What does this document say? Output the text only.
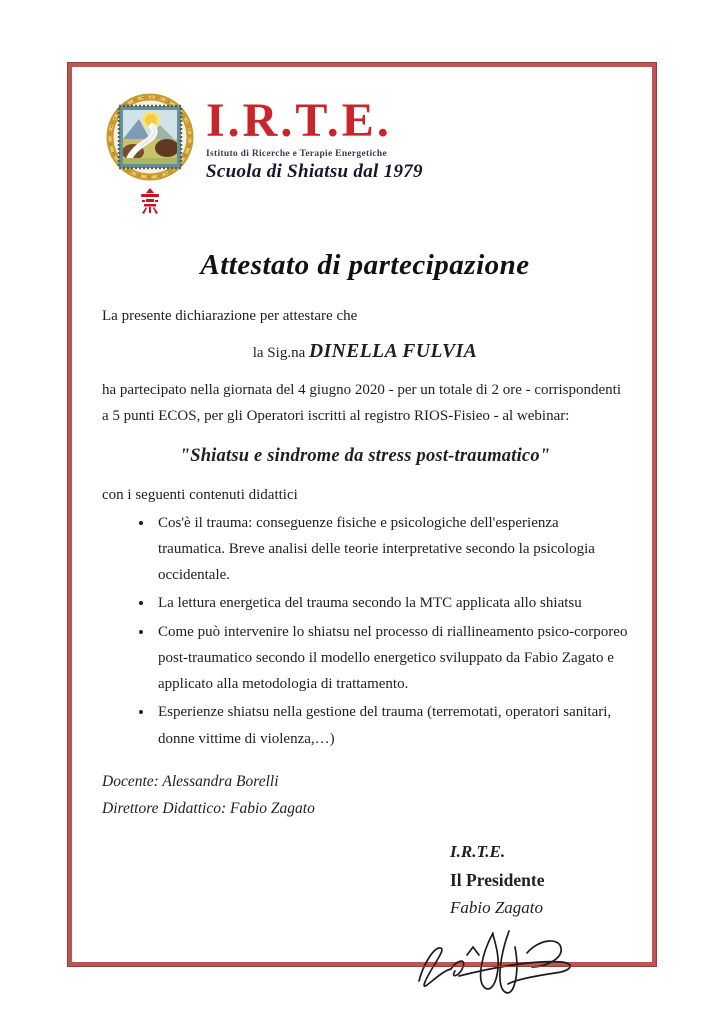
I.R.T.E.
Istituto di Ricerche e Terapie Energetiche
Scuola di Shiatsu dal 1979
Attestato di partecipazione
La presente dichiarazione per attestare che
la Sig.na DINELLA FULVIA
ha partecipato nella giornata del 4 giugno 2020 - per un totale di 2 ore - corrispondenti a 5 punti ECOS, per gli Operatori iscritti al registro RIOS-Fisieo - al webinar:
"Shiatsu e sindrome da stress post-traumatico"
con i seguenti contenuti didattici
• Cos'è il trauma: conseguenze fisiche e psicologiche dell'esperienza traumatica. Breve analisi delle teorie interpretative secondo la psicologia occidentale.
• La lettura energetica del trauma secondo la MTC applicata allo shiatsu
• Come può intervenire lo shiatsu nel processo di riallineamento psico-corporeo post-traumatico secondo il modello energetico sviluppato da Fabio Zagato e applicato alla metodologia di trattamento.
• Esperienze shiatsu nella gestione del trauma (terremotati, operatori sanitari, donne vittime di violenza,…)
Docente: Alessandra Borelli
Direttore Didattico: Fabio Zagato
I.R.T.E.
Il Presidente
Fabio Zagato
